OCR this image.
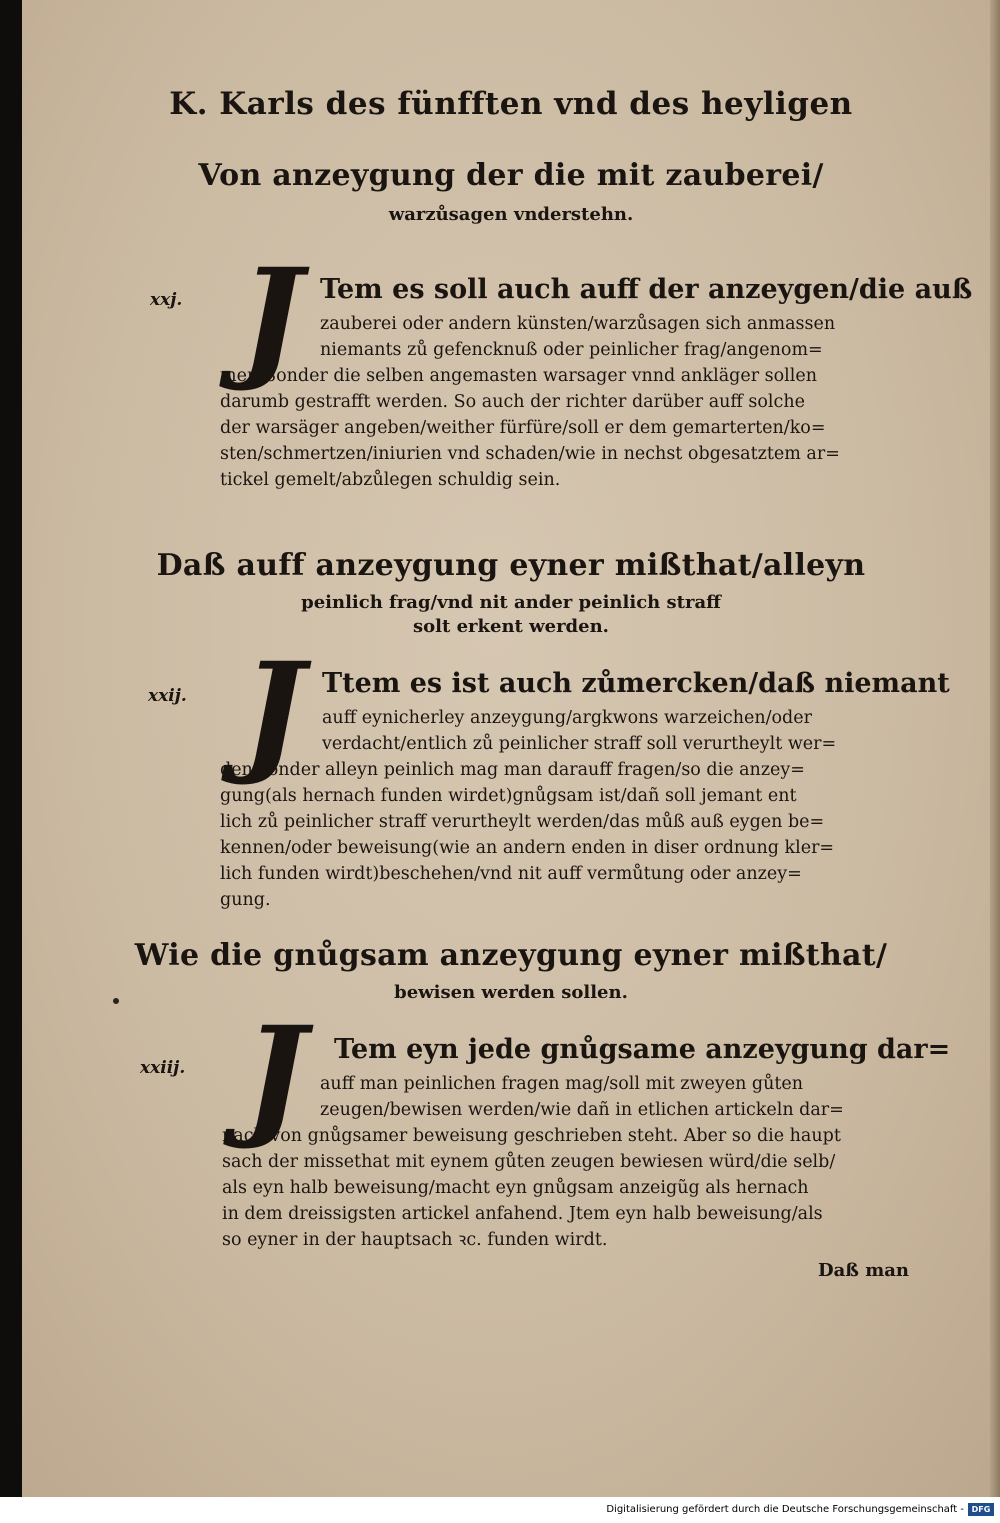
K. Karls des fünfften vnd des heyligen

Von anzeygung der die mit zauberei/

warzůsagen vnderstehn.

xxj. J Tem es soll auch auff der anzeygen/die auß

zauberei oder andern künsten/warzůsagen sich anmassen

niemants zů gefencknuß oder peinlicher frag/angenom=

men/Sonder die selben angemasten warsager vnnd ankläger sollen

darumb gestrafft werden. So auch der richter darüber auff solche

der warsäger angeben/weither fürfüre/soll er dem gemarterten/ko=

sten/schmertzen/iniurien vnd schaden/wie in nechst obgesatztem ar=

tickel gemelt/abzůlegen schuldig sein.

Daß auff anzeygung eyner mißthat/alleyn

peinlich frag/vnd nit ander peinlich straff

solt erkent werden.

xxij. J Ttem es ist auch zůmercken/daß niemant

auff eynicherley anzeygung/argkwons warzeichen/oder

verdacht/entlich zů peinlicher straff soll verurtheylt wer=

den/sonder alleyn peinlich mag man darauff fragen/so die anzey=

gung(als hernach funden wirdet)gnůgsam ist/dañ soll jemant ent

lich zů peinlicher straff verurtheylt werden/das můß auß eygen be=

kennen/oder beweisung(wie an andern enden in diser ordnung kler=

lich funden wirdt)beschehen/vnd nit auff vermůtung oder anzey=

gung.

Wie die gnůgsam anzeygung eyner mißthat/

bewisen werden sollen.

xxiij. J Tem eyn jede gnůgsame anzeygung dar=

auff man peinlichen fragen mag/soll mit zweyen gůten

zeugen/bewisen werden/wie dañ in etlichen artickeln dar=

nach von gnůgsamer beweisung geschrieben steht. Aber so die haupt

sach der missethat mit eynem gůten zeugen bewiesen würd/die selb/

als eyn halb beweisung/macht eyn gnůgsam anzeigũg als hernach

in dem dreissigsten artickel anfahend. Jtem eyn halb beweisung/als

so eyner in der hauptsach ꝛc. funden wirdt.

Daß man

Digitalisierung gefördert durch die Deutsche Forschungsgemeinschaft - DFG
